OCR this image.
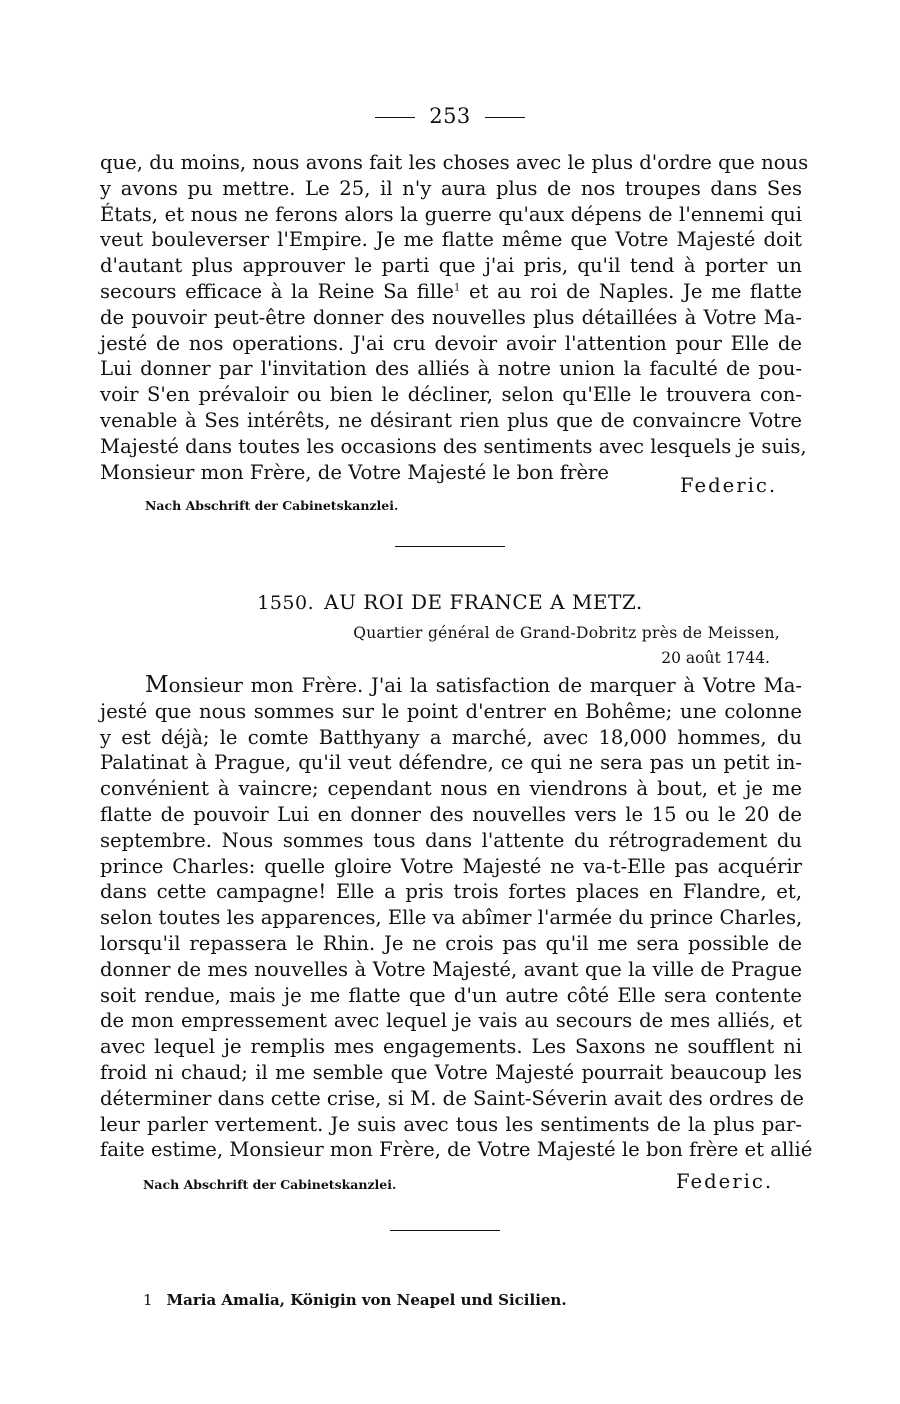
253
que, du moins, nous avons fait les choses avec le plus d'ordre que nous
y avons pu mettre. Le 25, il n'y aura plus de nos troupes dans Ses
États, et nous ne ferons alors la guerre qu'aux dépens de l'ennemi qui
veut bouleverser l'Empire. Je me flatte même que Votre Majesté doit
d'autant plus approuver le parti que j'ai pris, qu'il tend à porter un
secours efficace à la Reine Sa fille$^1$ et au roi de Naples. Je me flatte
de pouvoir peut-être donner des nouvelles plus détaillées à Votre Ma-
jesté de nos operations. J'ai cru devoir avoir l'attention pour Elle de
Lui donner par l'invitation des alliés à notre union la faculté de pou-
voir S'en prévaloir ou bien le décliner, selon qu'Elle le trouvera con-
venable à Ses intérêts, ne désirant rien plus que de convaincre Votre
Majesté dans toutes les occasions des sentiments avec lesquels je suis,
Monsieur mon Frère, de Votre Majesté le bon frère
Federic.
Nach Abschrift der Cabinetskanzlei.
1550. AU ROI DE FRANCE A METZ.
Quartier général de Grand-Dobritz près de Meissen,
20 août 1744.
Monsieur mon Frère. J'ai la satisfaction de marquer à Votre Ma-
jesté que nous sommes sur le point d'entrer en Bohême; une colonne
y est déjà; le comte Batthyany a marché, avec 18,000 hommes, du
Palatinat à Prague, qu'il veut défendre, ce qui ne sera pas un petit in-
convénient à vaincre; cependant nous en viendrons à bout, et je me
flatte de pouvoir Lui en donner des nouvelles vers le 15 ou le 20 de
septembre. Nous sommes tous dans l'attente du rétrogradement du
prince Charles: quelle gloire Votre Majesté ne va-t-Elle pas acquérir
dans cette campagne! Elle a pris trois fortes places en Flandre, et,
selon toutes les apparences, Elle va abîmer l'armée du prince Charles,
lorsqu'il repassera le Rhin. Je ne crois pas qu'il me sera possible de
donner de mes nouvelles à Votre Majesté, avant que la ville de Prague
soit rendue, mais je me flatte que d'un autre côté Elle sera contente
de mon empressement avec lequel je vais au secours de mes alliés, et
avec lequel je remplis mes engagements. Les Saxons ne soufflent ni
froid ni chaud; il me semble que Votre Majesté pourrait beaucoup les
déterminer dans cette crise, si M. de Saint-Séverin avait des ordres de
leur parler vertement. Je suis avec tous les sentiments de la plus par-
faite estime, Monsieur mon Frère, de Votre Majesté le bon frère et allié
Nach Abschrift der Cabinetskanzlei.	Federic.
1 Maria Amalia, Königin von Neapel und Sicilien.
